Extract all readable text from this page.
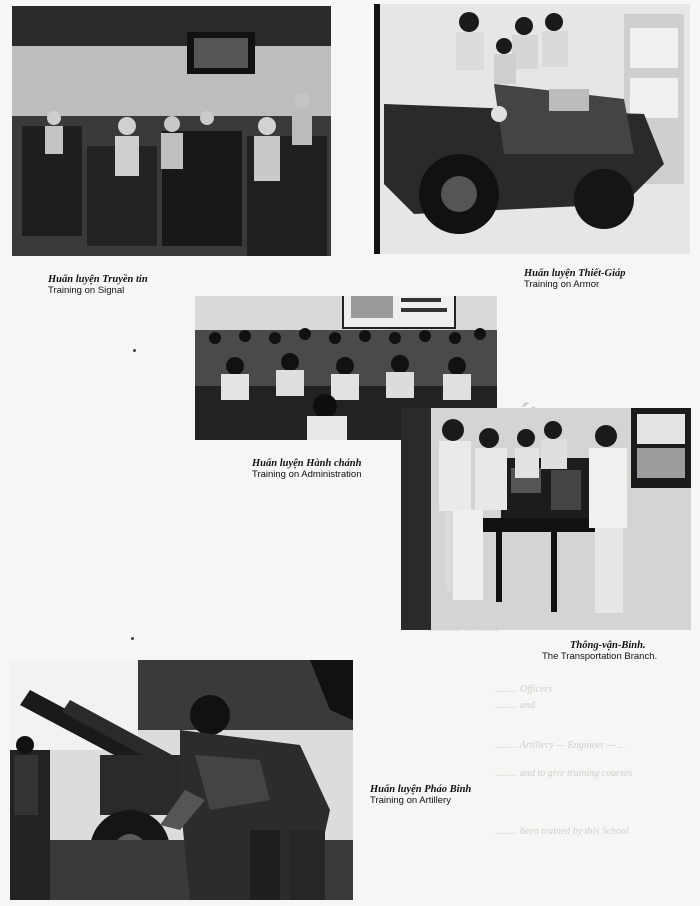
......... Officers
......... and
......... Artillery — Engineer — ...
......... and to give training courses
......... been trained by this School
Huấn luyện Truyền tin
Training on Signal
Huấn luyện Thiết-Giáp
Training on Armor
Huấn luyện Hành chánh
Training on Administration
Thông-vận-Binh.
The Transportation Branch.
Huấn luyện Pháo Binh
Training on Artillery
